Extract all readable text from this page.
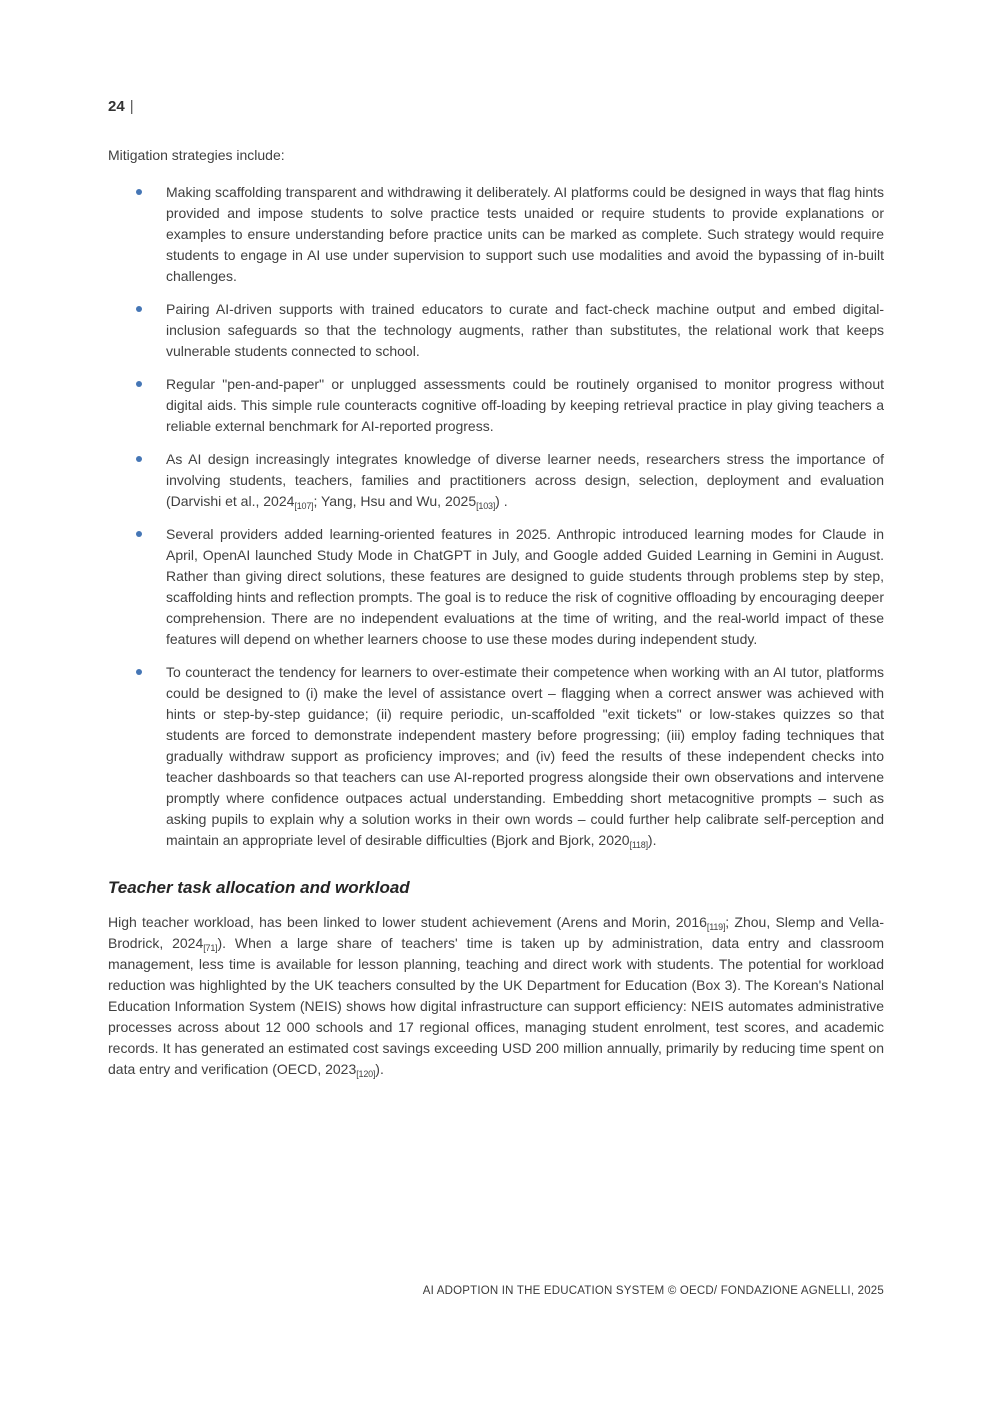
24 |

Mitigation strategies include:

Making scaffolding transparent and withdrawing it deliberately. AI platforms could be designed in ways that flag hints provided and impose students to solve practice tests unaided or require students to provide explanations or examples to ensure understanding before practice units can be marked as complete. Such strategy would require students to engage in AI use under supervision to support such use modalities and avoid the bypassing of in-built challenges.

Pairing AI-driven supports with trained educators to curate and fact-check machine output and embed digital-inclusion safeguards so that the technology augments, rather than substitutes, the relational work that keeps vulnerable students connected to school.

Regular "pen-and-paper" or unplugged assessments could be routinely organised to monitor progress without digital aids. This simple rule counteracts cognitive off-loading by keeping retrieval practice in play giving teachers a reliable external benchmark for AI-reported progress.

As AI design increasingly integrates knowledge of diverse learner needs, researchers stress the importance of involving students, teachers, families and practitioners across design, selection, deployment and evaluation (Darvishi et al., $2024_{[107]}$; Yang, Hsu and Wu, $2025_{[103]}$) .

Several providers added learning-oriented features in 2025. Anthropic introduced learning modes for Claude in April, OpenAI launched Study Mode in ChatGPT in July, and Google added Guided Learning in Gemini in August. Rather than giving direct solutions, these features are designed to guide students through problems step by step, scaffolding hints and reflection prompts. The goal is to reduce the risk of cognitive offloading by encouraging deeper comprehension. There are no independent evaluations at the time of writing, and the real-world impact of these features will depend on whether learners choose to use these modes during independent study.

To counteract the tendency for learners to over-estimate their competence when working with an AI tutor, platforms could be designed to (i) make the level of assistance overt – flagging when a correct answer was achieved with hints or step-by-step guidance; (ii) require periodic, un-scaffolded "exit tickets" or low-stakes quizzes so that students are forced to demonstrate independent mastery before progressing; (iii) employ fading techniques that gradually withdraw support as proficiency improves; and (iv) feed the results of these independent checks into teacher dashboards so that teachers can use AI-reported progress alongside their own observations and intervene promptly where confidence outpaces actual understanding. Embedding short metacognitive prompts – such as asking pupils to explain why a solution works in their own words – could further help calibrate self-perception and maintain an appropriate level of desirable difficulties (Bjork and Bjork, $2020_{[118]}$).

Teacher task allocation and workload

High teacher workload, has been linked to lower student achievement (Arens and Morin, $2016_{[119]}$; Zhou, Slemp and Vella-Brodrick, $2024_{[71]}$). When a large share of teachers' time is taken up by administration, data entry and classroom management, less time is available for lesson planning, teaching and direct work with students. The potential for workload reduction was highlighted by the UK teachers consulted by the UK Department for Education (Box 3). The Korean's National Education Information System (NEIS) shows how digital infrastructure can support efficiency: NEIS automates administrative processes across about 12 000 schools and 17 regional offices, managing student enrolment, test scores, and academic records. It has generated an estimated cost savings exceeding USD 200 million annually, primarily by reducing time spent on data entry and verification (OECD, $2023_{[120]}$).

AI ADOPTION IN THE EDUCATION SYSTEM © OECD/ FONDAZIONE AGNELLI, 2025
